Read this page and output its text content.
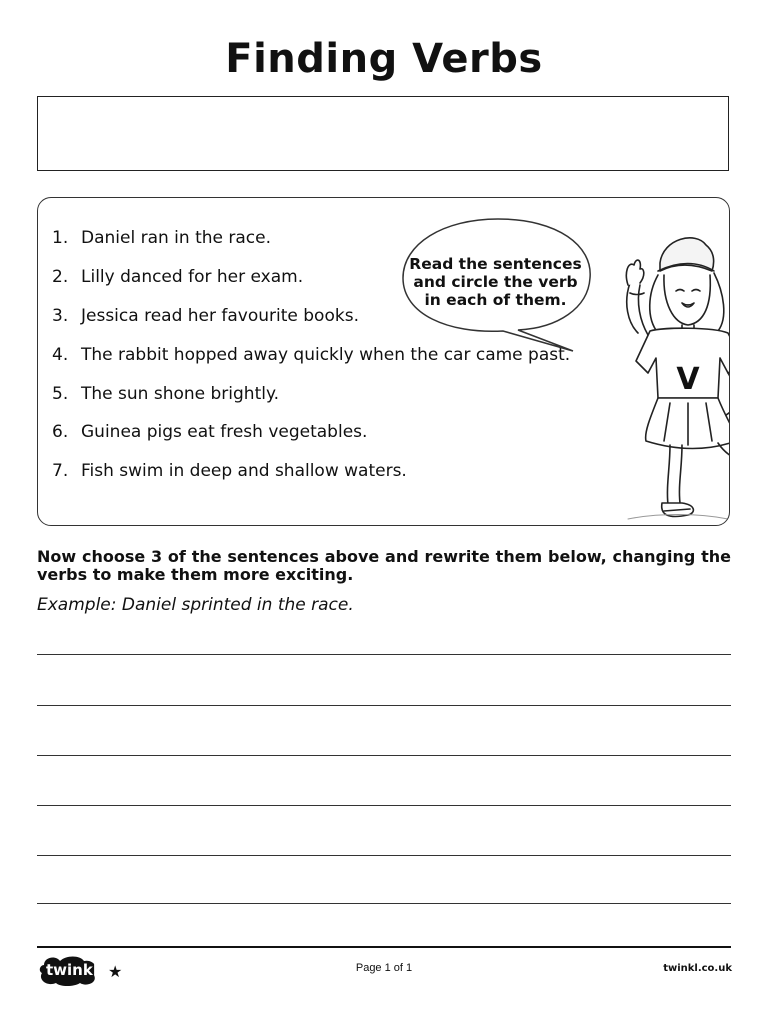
Finding Verbs
1. Daniel ran in the race.
2. Lilly danced for her exam.
3. Jessica read her favourite books.
4. The rabbit hopped away quickly when the car came past.
5. The sun shone brightly.
6. Guinea pigs eat fresh vegetables.
7. Fish swim in deep and shallow waters.
Read the sentences
and circle the verb
in each of them.
V
Now choose 3 of the sentences above and rewrite them below, changing the verbs to make them more exciting.
Example: Daniel sprinted in the race.
twinkl ★	Page 1 of 1	twinkl.co.uk
